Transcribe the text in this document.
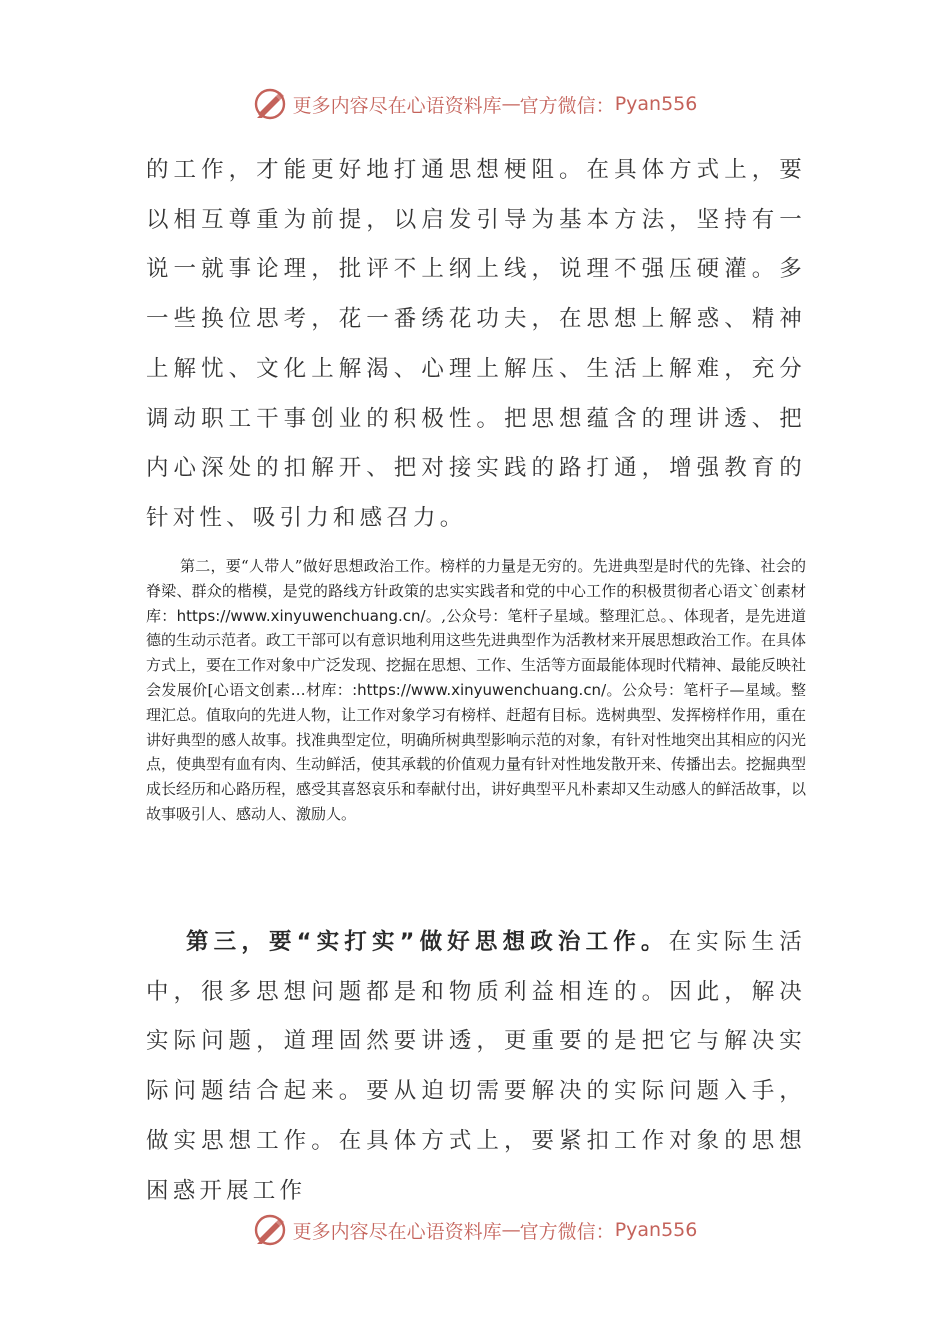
更多内容尽在心语资料库 — 官方微信： Pyan556
的工作，才能更好地打通思想梗阻。在具体方式上，要以相互尊重为前提，以启发引导为基本方法，坚持有一说一就事论理，批评不上纲上线，说理不强压硬灌。多一些换位思考，花一番绣花功夫，在思想上解惑、精神上解忧、文化上解渴、心理上解压、生活上解难，充分调动职工干事创业的积极性。把思想蕴含的理讲透、把内心深处的扣解开、把对接实践的路打通，增强教育的针对性、吸引力和感召力。
第二，要“人带人”做好思想政治工作。榜样的力量是无穷的。先进典型是时代的先锋、社会的脊梁、群众的楷模，是党的路线方针政策的忠实实践者和党的中心工作的积极贯彻者心语文`创素材库：https://www.xinyuwenchuang.cn/。,公众号：笔杆子星域。整理汇总。、体现者，是先进道德的生动示范者。政工干部可以有意识地利用这些先进典型作为活教材来开展思想政治工作。在具体方式上，要在工作对象中广泛发现、挖掘在思想、工作、生活等方面最能体现时代精神、最能反映社会发展价[心语文创素…材库：:https://www.xinyuwenchuang.cn/。公众号：笔杆子—星域。整理汇总。值取向的先进人物，让工作对象学习有榜样、赶超有目标。选树典型、发挥榜样作用，重在讲好典型的感人故事。找准典型定位，明确所树典型影响示范的对象，有针对性地突出其相应的闪光点，使典型有血有肉、生动鲜活，使其承载的价值观力量有针对性地发散开来、传播出去。挖掘典型成长经历和心路历程，感受其喜怒哀乐和奉献付出，讲好典型平凡朴素却又生动感人的鲜活故事，以故事吸引人、感动人、激励人。
第三，要“实打实”做好思想政治工作。在实际生活中，很多思想问题都是和物质利益相连的。因此，解决实际问题，道理固然要讲透，更重要的是把它与解决实际问题结合起来。要从迫切需要解决的实际问题入手，做实思想工作。在具体方式上，要紧扣工作对象的思想困惑开展工作
更多内容尽在心语资料库 — 官方微信： Pyan556
